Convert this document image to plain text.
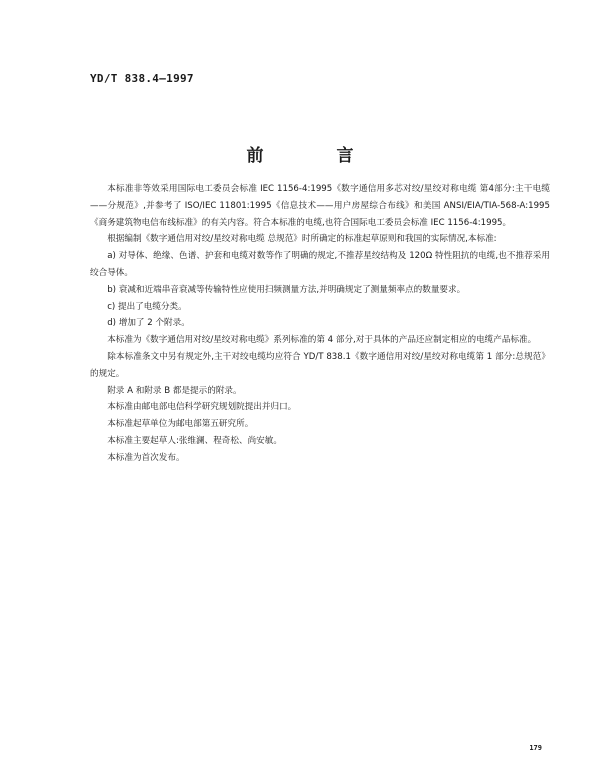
YD/T 838.4—1997
前　言

本标准非等效采用国际电工委员会标准 IEC 1156-4:1995《数字通信用多芯对绞/星绞对称电缆 第4部分:主干电缆——分规范》,并参考了 ISO/IEC 11801:1995《信息技术——用户房屋综合布线》和美国 ANSI/EIA/TIA-568-A:1995《商务建筑物电信布线标准》的有关内容。符合本标准的电缆,也符合国际电工委员会标准 IEC 1156-4:1995。

根据编制《数字通信用对绞/星绞对称电缆 总规范》时所确定的标准起草原则和我国的实际情况,本标准:

a) 对导体、绝缘、色谱、护套和电缆对数等作了明确的规定,不推荐星绞结构及 120Ω 特性阻抗的电缆,也不推荐采用绞合导体。

b) 衰减和近端串音衰减等传输特性应使用扫频测量方法,并明确规定了测量频率点的数量要求。

c) 提出了电缆分类。

d) 增加了 2 个附录。

本标准为《数字通信用对绞/星绞对称电缆》系列标准的第 4 部分,对于具体的产品还应制定相应的电缆产品标准。

除本标准条文中另有规定外,主干对绞电缆均应符合 YD/T 838.1《数字通信用对绞/星绞对称电缆第 1 部分:总规范》的规定。

附录 A 和附录 B 都是提示的附录。

本标准由邮电部电信科学研究规划院提出并归口。

本标准起草单位为邮电部第五研究所。

本标准主要起草人:张维澜、程奇松、尚安敏。

本标准为首次发布。

179
